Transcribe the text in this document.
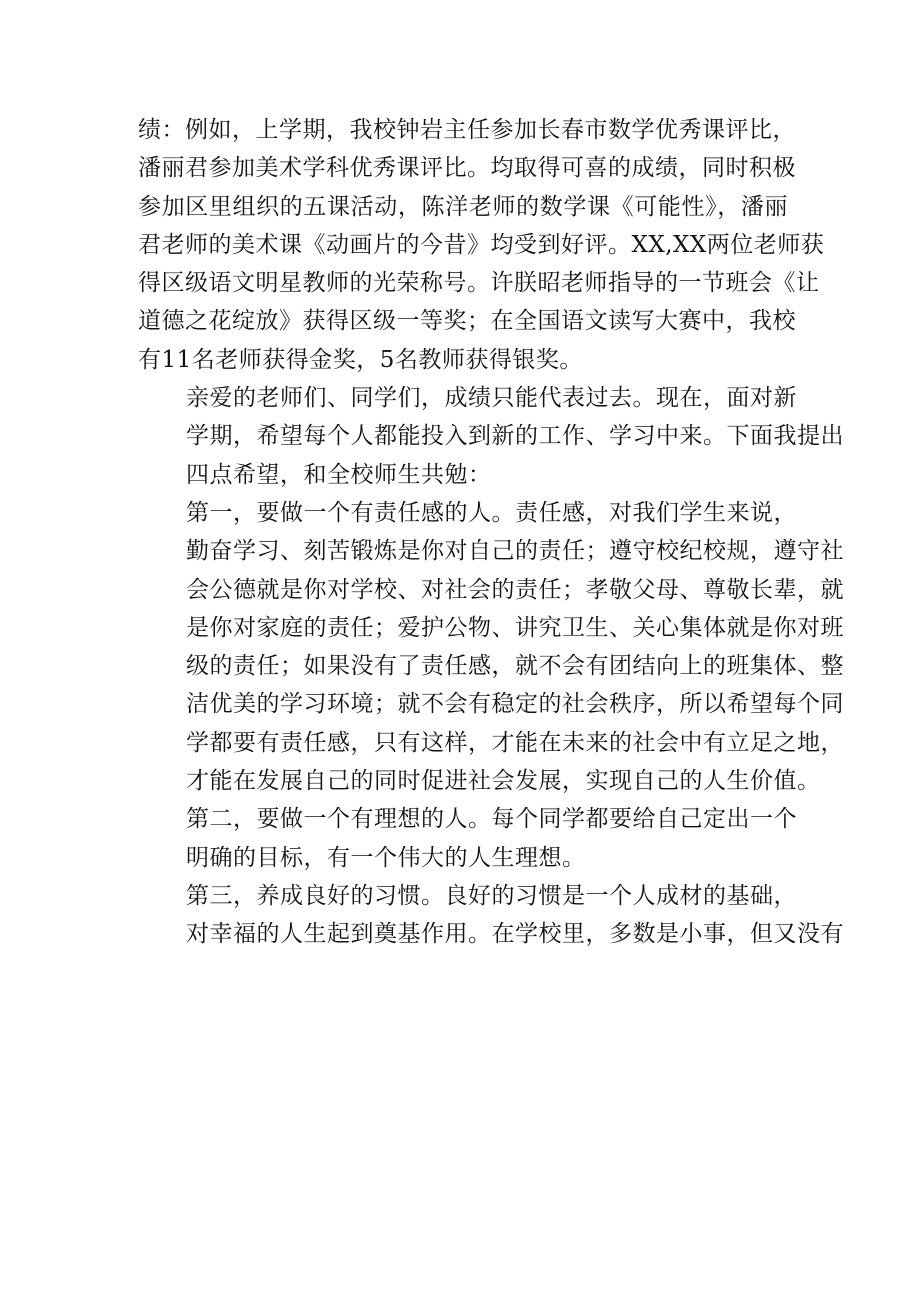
绩：例如，上学期，我校钟岩主任参加长春市数学优秀课评比，
潘丽君参加美术学科优秀课评比。均取得可喜的成绩，同时积极
参加区里组织的五课活动，陈洋老师的数学课《可能性》，潘丽
君老师的美术课《动画片的今昔》均受到好评。XX,XX两位老师获
得区级语文明星教师的光荣称号。许朕昭老师指导的一节班会《让
道德之花绽放》获得区级一等奖；在全国语文读写大赛中，我校
有11名老师获得金奖，5名教师获得银奖。

亲爱的老师们、同学们，成绩只能代表过去。现在，面对新
学期，希望每个人都能投入到新的工作、学习中来。下面我提出
四点希望，和全校师生共勉：

第一，要做一个有责任感的人。责任感，对我们学生来说，
勤奋学习、刻苦锻炼是你对自己的责任；遵守校纪校规，遵守社
会公德就是你对学校、对社会的责任；孝敬父母、尊敬长辈，就
是你对家庭的责任；爱护公物、讲究卫生、关心集体就是你对班
级的责任；如果没有了责任感，就不会有团结向上的班集体、整
洁优美的学习环境；就不会有稳定的社会秩序，所以希望每个同
学都要有责任感，只有这样，才能在未来的社会中有立足之地，
才能在发展自己的同时促进社会发展，实现自己的人生价值。

第二，要做一个有理想的人。每个同学都要给自己定出一个
明确的目标，有一个伟大的人生理想。

第三，养成良好的习惯。良好的习惯是一个人成材的基础，
对幸福的人生起到奠基作用。在学校里，多数是小事，但又没有
